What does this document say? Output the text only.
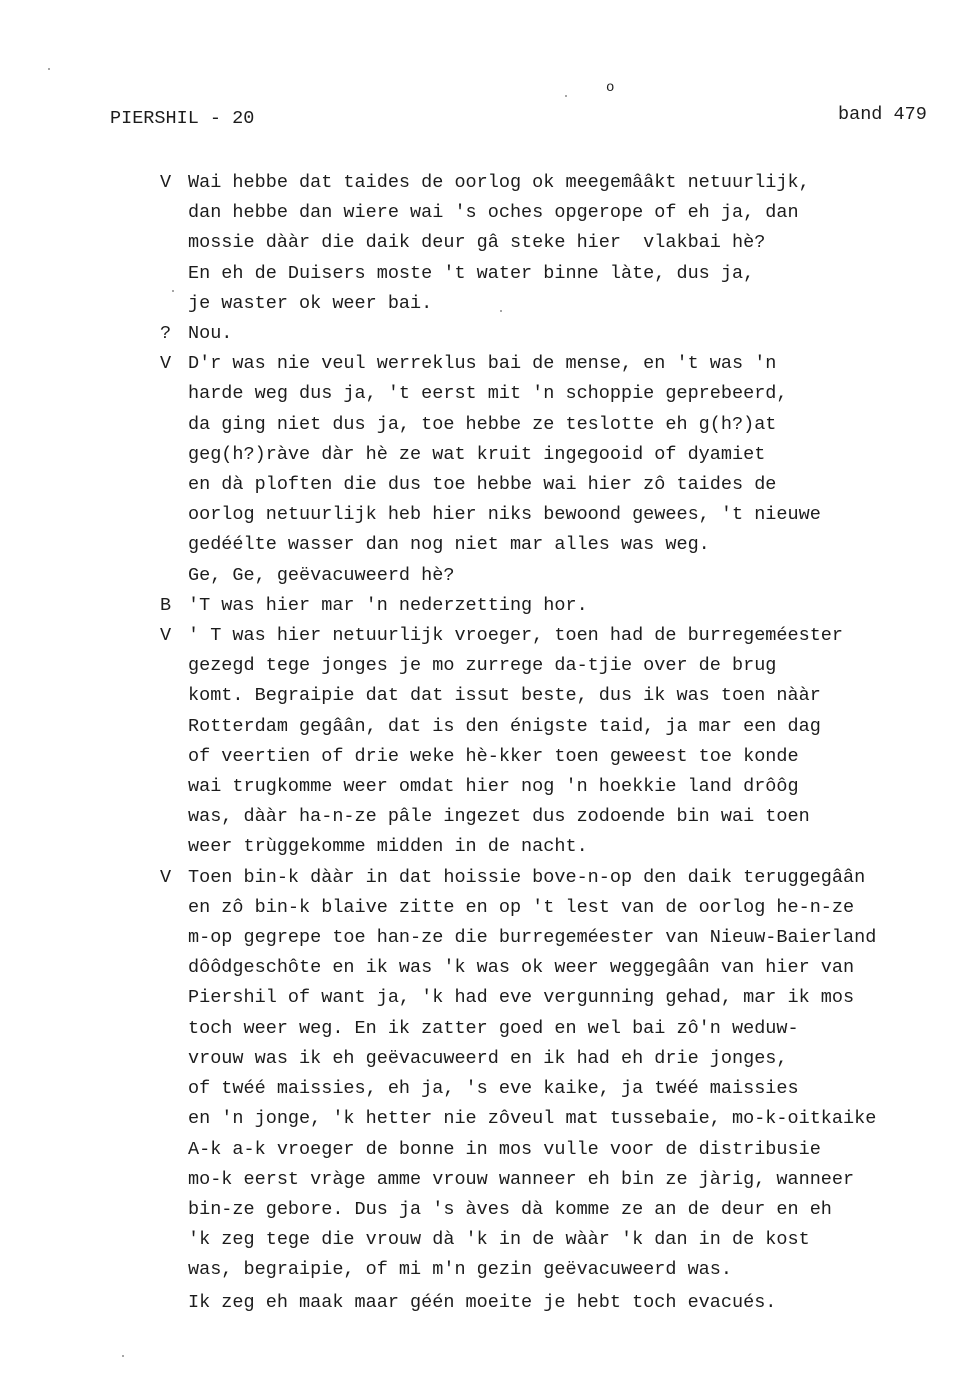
o
PIERSHIL - 20	band 479
V Wai hebbe dat taides de oorlog ok meegemââkt netuurlijk,
dan hebbe dan wiere wai 's oches opgerope of eh ja, dan
mossie dààr die daik deur gâ steke hier  vlakbai hè?
En eh de Duisers moste 't water binne làte, dus ja,
je waster ok weer bai.
? Nou.
V D'r was nie veul werreklus bai de mense, en 't was 'n
harde weg dus ja, 't eerst mit 'n schoppie geprebeerd,
da ging niet dus ja, toe hebbe ze teslotte eh g(h?)at
geg(h?)ràve dàr hè ze wat kruit ingegooid of dyamiet
en dà ploften die dus toe hebbe wai hier zô taides de
oorlog netuurlijk heb hier niks bewoond gewees, 't nieuwe
gedéélte wasser dan nog niet mar alles was weg.
Ge, Ge, geëvacuweerd hè?
B 'T was hier mar 'n nederzetting hor.
V ' T was hier netuurlijk vroeger, toen had de burregeméester
gezegd tege jonges je mo zurrege da-tjie over de brug
komt. Begraipie dat dat issut beste, dus ik was toen nààr
Rotterdam gegâân, dat is den énigste taid, ja mar een dag
of veertien of drie weke hè-kker toen geweest toe konde
wai trugkomme weer omdat hier nog 'n hoekkie land drôôg
was, dààr ha-n-ze pâle ingezet dus zodoende bin wai toen
weer trùggekomme midden in de nacht.
V Toen bin-k dààr in dat hoissie bove-n-op den daik teruggegâân
en zô bin-k blaive zitte en op 't lest van de oorlog he-n-ze
m-op gegrepe toe han-ze die burregeméester van Nieuw-Baierland
dôôdgeschôte en ik was 'k was ok weer weggegâân van hier van
Piershil of want ja, 'k had eve vergunning gehad, mar ik mos
toch weer weg. En ik zatter goed en wel bai zô'n weduw-
vrouw was ik eh geëvacuweerd en ik had eh drie jonges,
of twéé maissies, eh ja, 's eve kaike, ja twéé maissies
en 'n jonge, 'k hetter nie zôveul mat tussebaie, mo-k-oitkaike
A-k a-k vroeger de bonne in mos vulle voor de distribusie
mo-k eerst vràge amme vrouw wanneer eh bin ze jàrig, wanneer
bin-ze gebore. Dus ja 's àves dà komme ze an de deur en eh
'k zeg tege die vrouw dà 'k in de wààr 'k dan in de kost
was, begraipie, of mi m'n gezin geëvacuweerd was.
Ik zeg eh maak maar géén moeite je hebt toch evacués.
